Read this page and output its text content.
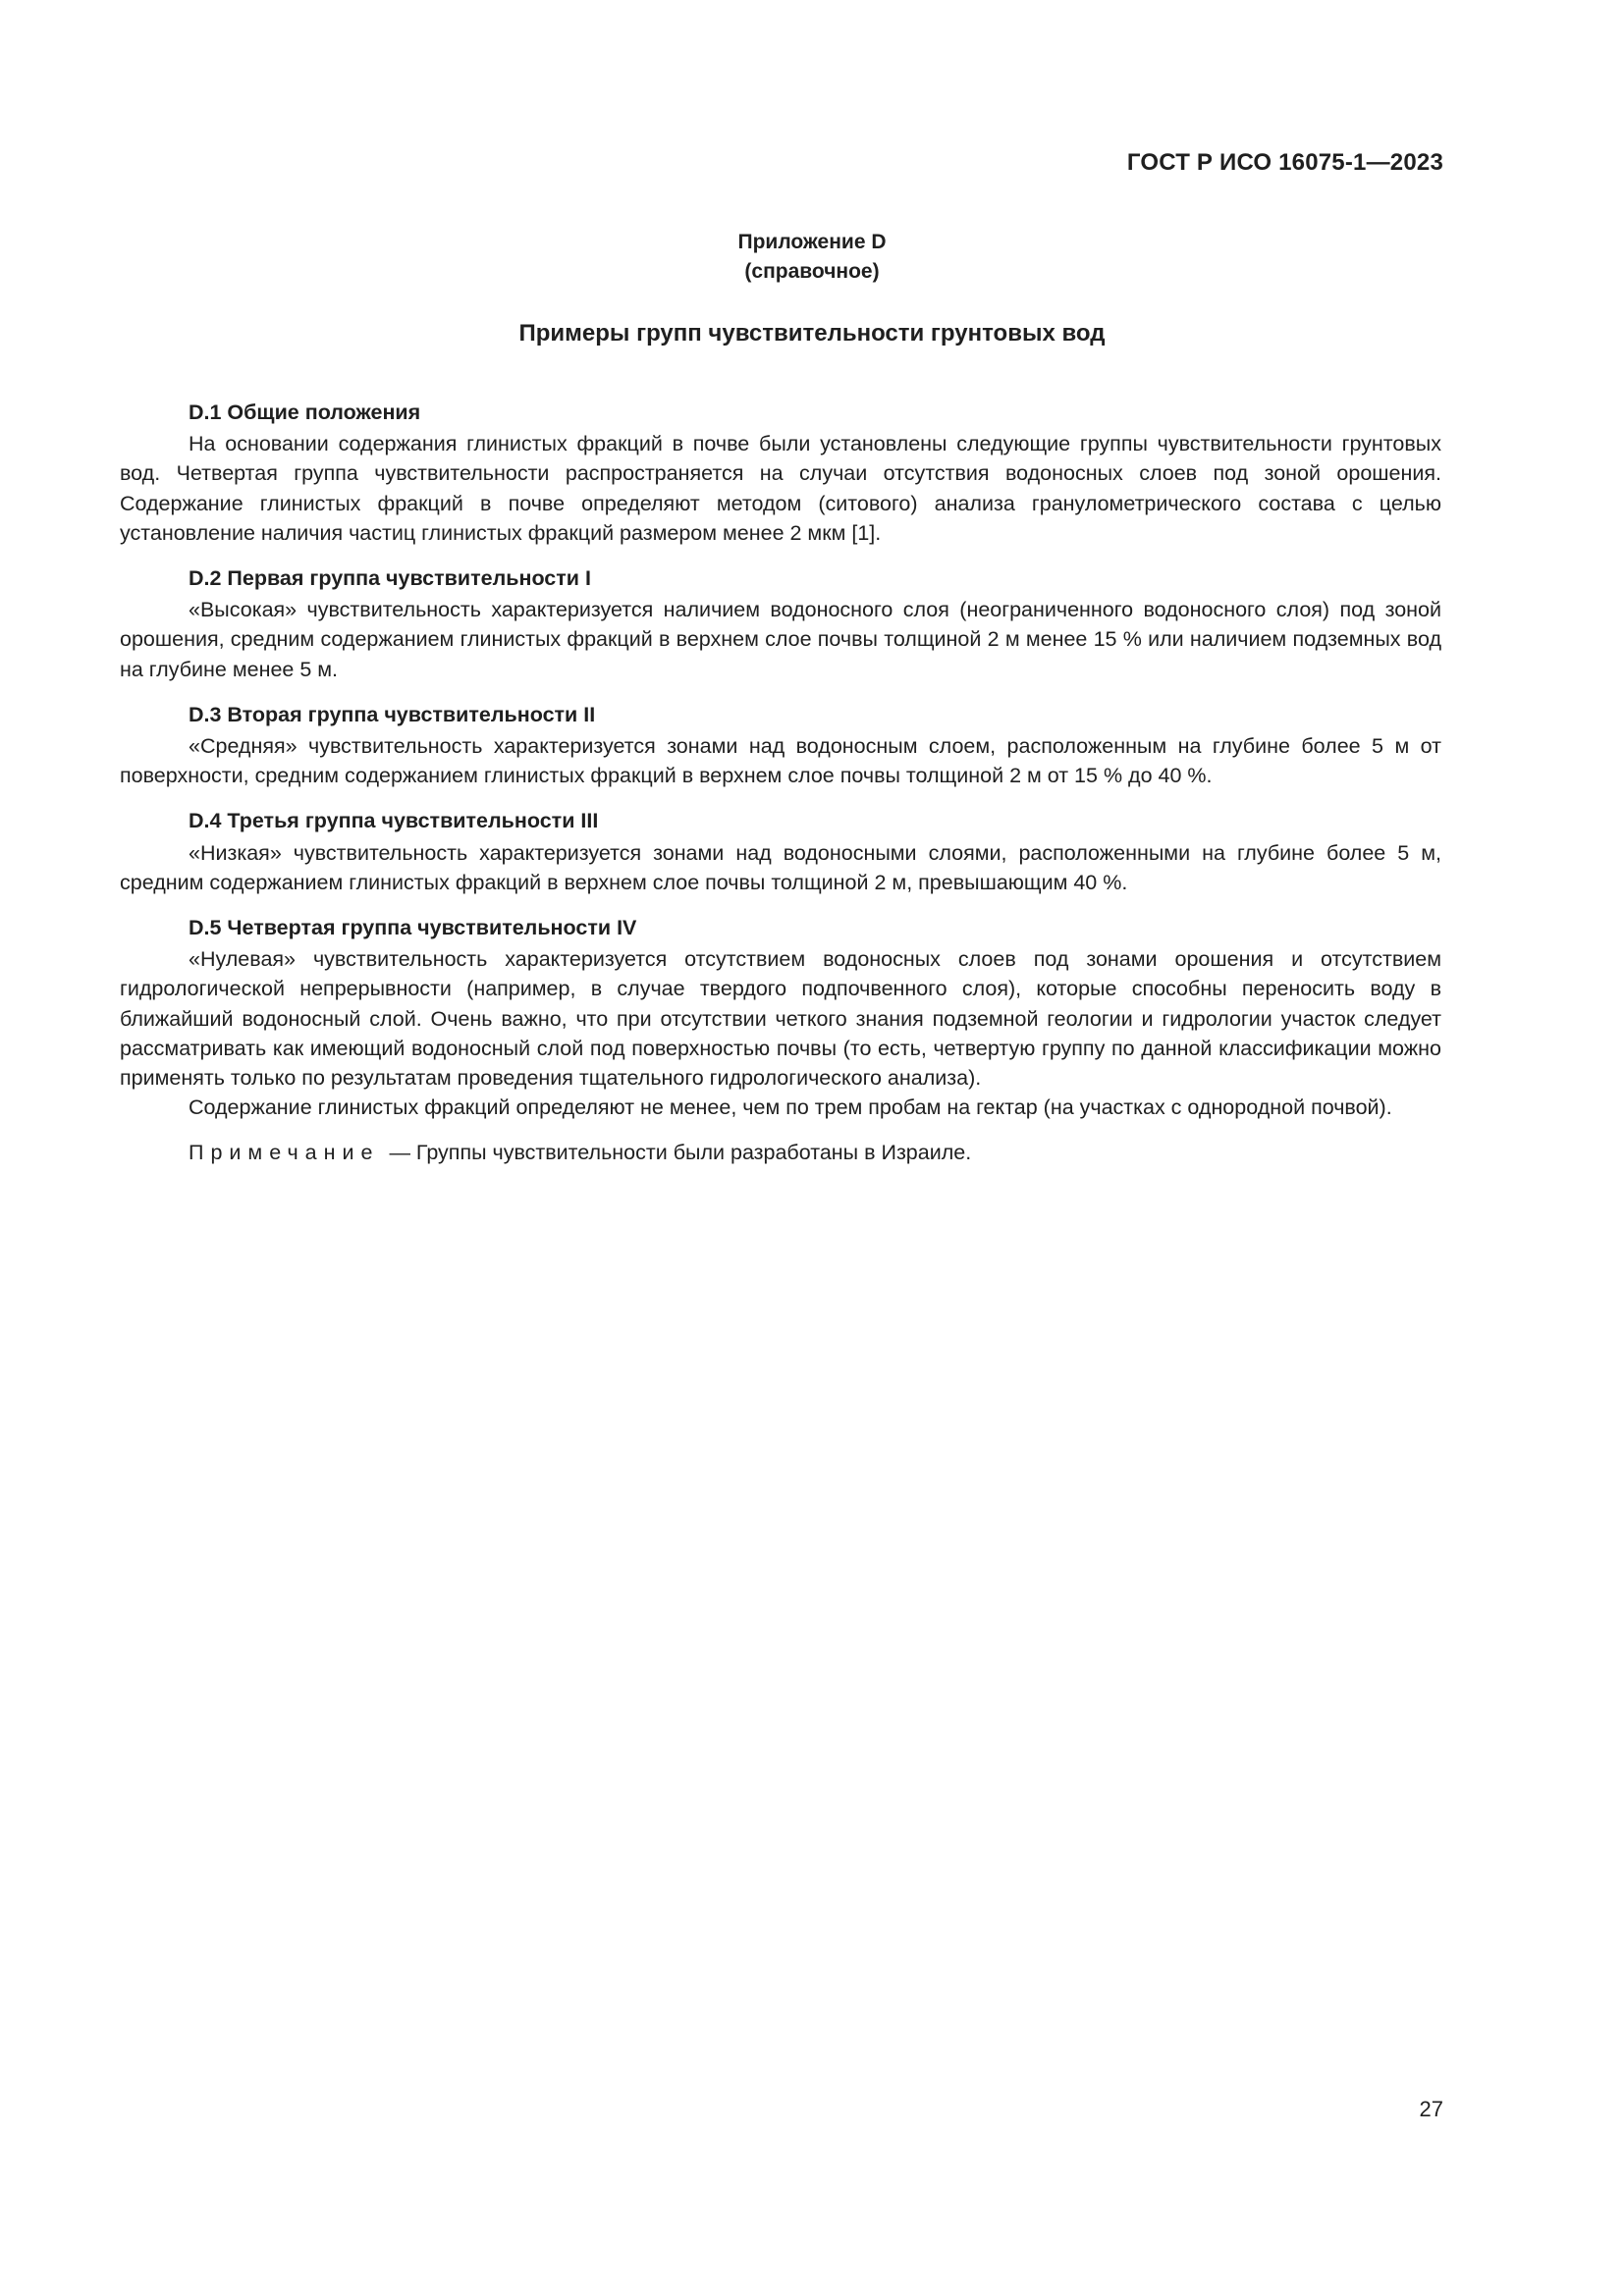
ГОСТ Р ИСО 16075-1—2023
Приложение D
(справочное)
Примеры групп чувствительности грунтовых вод
D.1 Общие положения

На основании содержания глинистых фракций в почве были установлены следующие группы чувствительности грунтовых вод. Четвертая группа чувствительности распространяется на случаи отсутствия водоносных слоев под зоной орошения. Содержание глинистых фракций в почве определяют методом (ситового) анализа гранулометрического состава с целью установление наличия частиц глинистых фракций размером менее 2 мкм [1].

D.2 Первая группа чувствительности I

«Высокая» чувствительность характеризуется наличием водоносного слоя (неограниченного водоносного слоя) под зоной орошения, средним содержанием глинистых фракций в верхнем слое почвы толщиной 2 м менее 15 % или наличием подземных вод на глубине менее 5 м.

D.3 Вторая группа чувствительности II

«Средняя» чувствительность характеризуется зонами над водоносным слоем, расположенным на глубине более 5 м от поверхности, средним содержанием глинистых фракций в верхнем слое почвы толщиной 2 м от 15 % до 40 %.

D.4 Третья группа чувствительности III

«Низкая» чувствительность характеризуется зонами над водоносными слоями, расположенными на глубине более 5 м, средним содержанием глинистых фракций в верхнем слое почвы толщиной 2 м, превышающим 40 %.

D.5 Четвертая группа чувствительности IV

«Нулевая» чувствительность характеризуется отсутствием водоносных слоев под зонами орошения и отсутствием гидрологической непрерывности (например, в случае твердого подпочвенного слоя), которые способны переносить воду в ближайший водоносный слой. Очень важно, что при отсутствии четкого знания подземной геологии и гидрологии участок следует рассматривать как имеющий водоносный слой под поверхностью почвы (то есть, четвертую группу по данной классификации можно применять только по результатам проведения тщательного гидрологического анализа).

Содержание глинистых фракций определяют не менее, чем по трем пробам на гектар (на участках с однородной почвой).

Примечание — Группы чувствительности были разработаны в Израиле.

27
